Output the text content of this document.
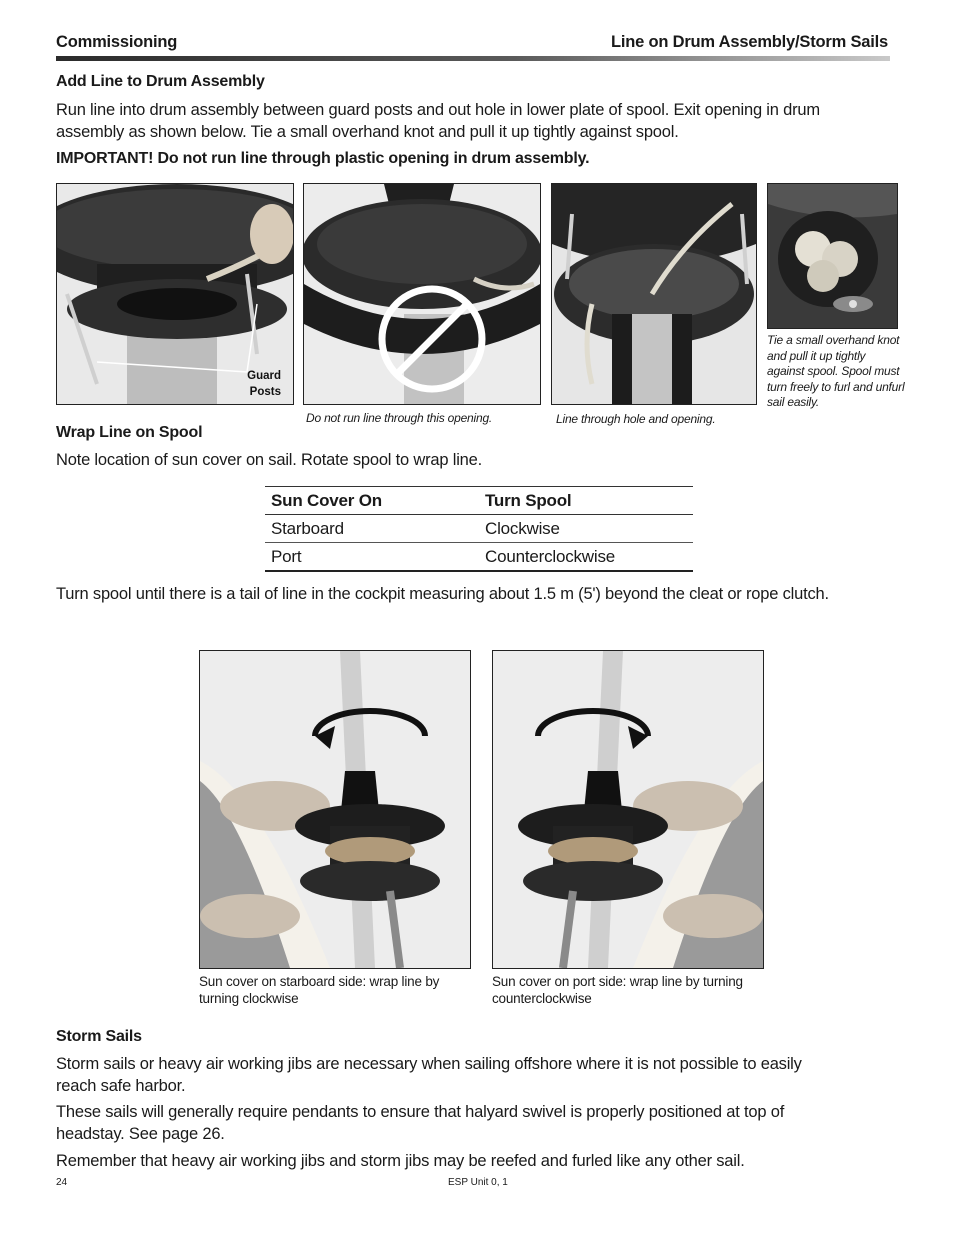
Commissioning	Line on Drum Assembly/Storm Sails
Add Line to Drum Assembly
Run line into drum assembly between guard posts and out hole in lower plate of spool. Exit opening in drum assembly as shown below. Tie a small overhand knot and pull it up tightly against spool.
IMPORTANT! Do not run line through plastic opening in drum assembly.
Guard Posts
Do not run line through this opening.	Line through hole and opening.
Tie a small overhand knot and pull it up tightly against spool. Spool must turn freely to furl and unfurl sail easily.
Wrap Line on Spool
Note location of sun cover on sail. Rotate spool to wrap line.
Sun Cover On	Turn Spool
Starboard	Clockwise
Port	Counterclockwise
Turn spool until there is a tail of line in the cockpit measuring about 1.5 m (5') beyond the cleat or rope clutch.
Sun cover on starboard side: wrap line by turning clockwise
Sun cover on port side: wrap line by turning counterclockwise
Storm Sails
Storm sails or heavy air working jibs are necessary when sailing offshore where it is not possible to easily reach safe harbor.
These sails will generally require pendants to ensure that halyard swivel is properly positioned at top of headstay. See page 26.
Remember that heavy air working jibs and storm jibs may be reefed and furled like any other sail.
24	ESP Unit 0, 1
